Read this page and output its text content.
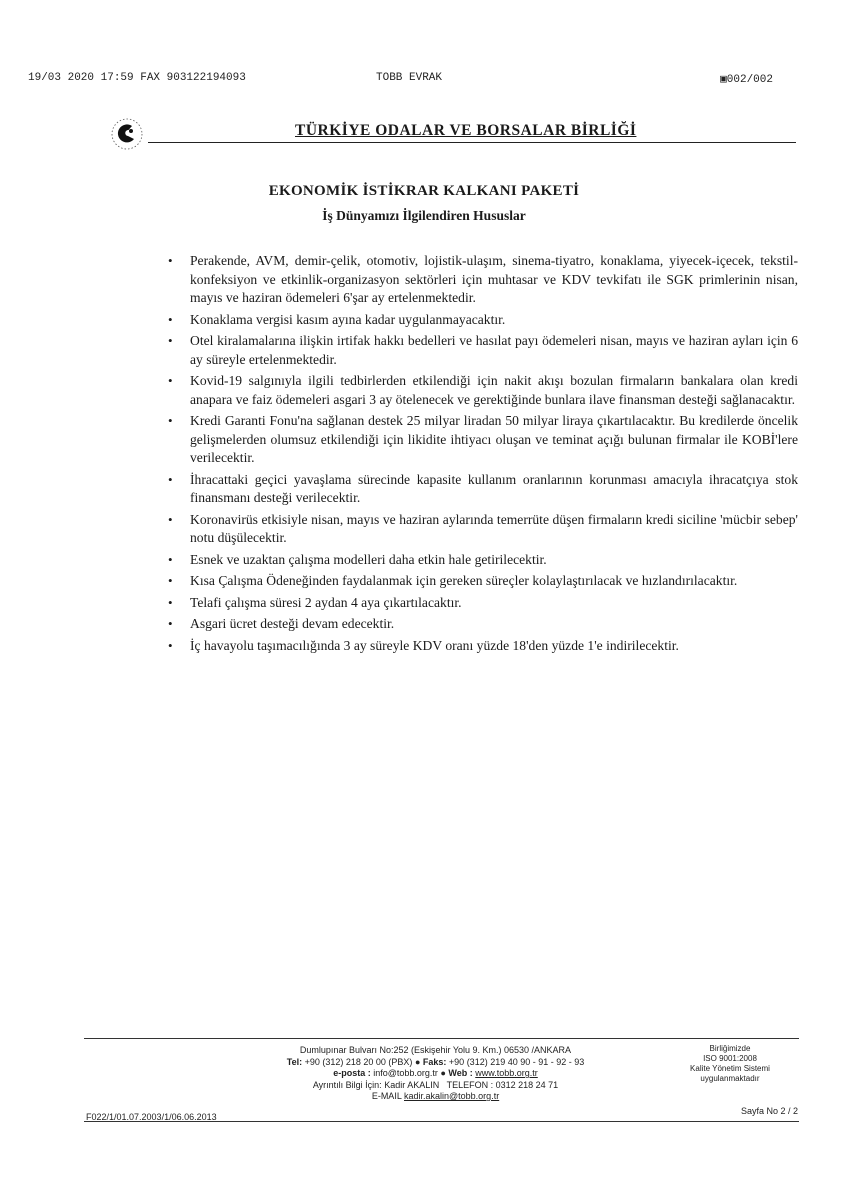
19/03 2020 17:59 FAX 903122194093	TOBB EVRAK	▣002/002
TÜRKİYE ODALAR VE BORSALAR BİRLİĞİ
EKONOMİK İSTİKRAR KALKANI PAKETİ
İş Dünyamızı İlgilendiren Hususlar
• Perakende, AVM, demir-çelik, otomotiv, lojistik-ulaşım, sinema-tiyatro, konaklama, yiyecek-içecek, tekstil-konfeksiyon ve etkinlik-organizasyon sektörleri için muhtasar ve KDV tevkifatı ile SGK primlerinin nisan, mayıs ve haziran ödemeleri 6'şar ay ertelenmektedir.
• Konaklama vergisi kasım ayına kadar uygulanmayacaktır.
• Otel kiralamalarına ilişkin irtifak hakkı bedelleri ve hasılat payı ödemeleri nisan, mayıs ve haziran ayları için 6 ay süreyle ertelenmektedir.
• Kovid-19 salgınıyla ilgili tedbirlerden etkilendiği için nakit akışı bozulan firmaların bankalara olan kredi anapara ve faiz ödemeleri asgari 3 ay ötelenecek ve gerektiğinde bunlara ilave finansman desteği sağlanacaktır.
• Kredi Garanti Fonu'na sağlanan destek 25 milyar liradan 50 milyar liraya çıkartılacaktır. Bu kredilerde öncelik gelişmelerden olumsuz etkilendiği için likidite ihtiyacı oluşan ve teminat açığı bulunan firmalar ile KOBİ'lere verilecektir.
• İhracattaki geçici yavaşlama sürecinde kapasite kullanım oranlarının korunması amacıyla ihracatçıya stok finansmanı desteği verilecektir.
• Koronavirüs etkisiyle nisan, mayıs ve haziran aylarında temerrüte düşen firmaların kredi siciline 'mücbir sebep' notu düşülecektir.
• Esnek ve uzaktan çalışma modelleri daha etkin hale getirilecektir.
• Kısa Çalışma Ödeneğinden faydalanmak için gereken süreçler kolaylaştırılacak ve hızlandırılacaktır.
• Telafi çalışma süresi 2 aydan 4 aya çıkartılacaktır.
• Asgari ücret desteği devam edecektir.
• İç havayolu taşımacılığında 3 ay süreyle KDV oranı yüzde 18'den yüzde 1'e indirilecektir.
Dumlupınar Bulvarı No:252 (Eskişehir Yolu 9. Km.) 06530 /ANKARA
Tel: +90 (312) 218 20 00 (PBX) ● Faks: +90 (312) 219 40 90 - 91 - 92 - 93
e-posta : info@tobb.org.tr ● Web : www.tobb.org.tr
Ayrıntılı Bilgi İçin: Kadir AKALIN TELEFON : 0312 218 24 71
E-MAIL kadir.akalin@tobb.org.tr
Birliğimizde
ISO 9001:2008
Kalite Yönetim Sistemi
uygulanmaktadır
F022/1/01.07.2003/1/06.06.2013
Sayfa No 2 / 2
